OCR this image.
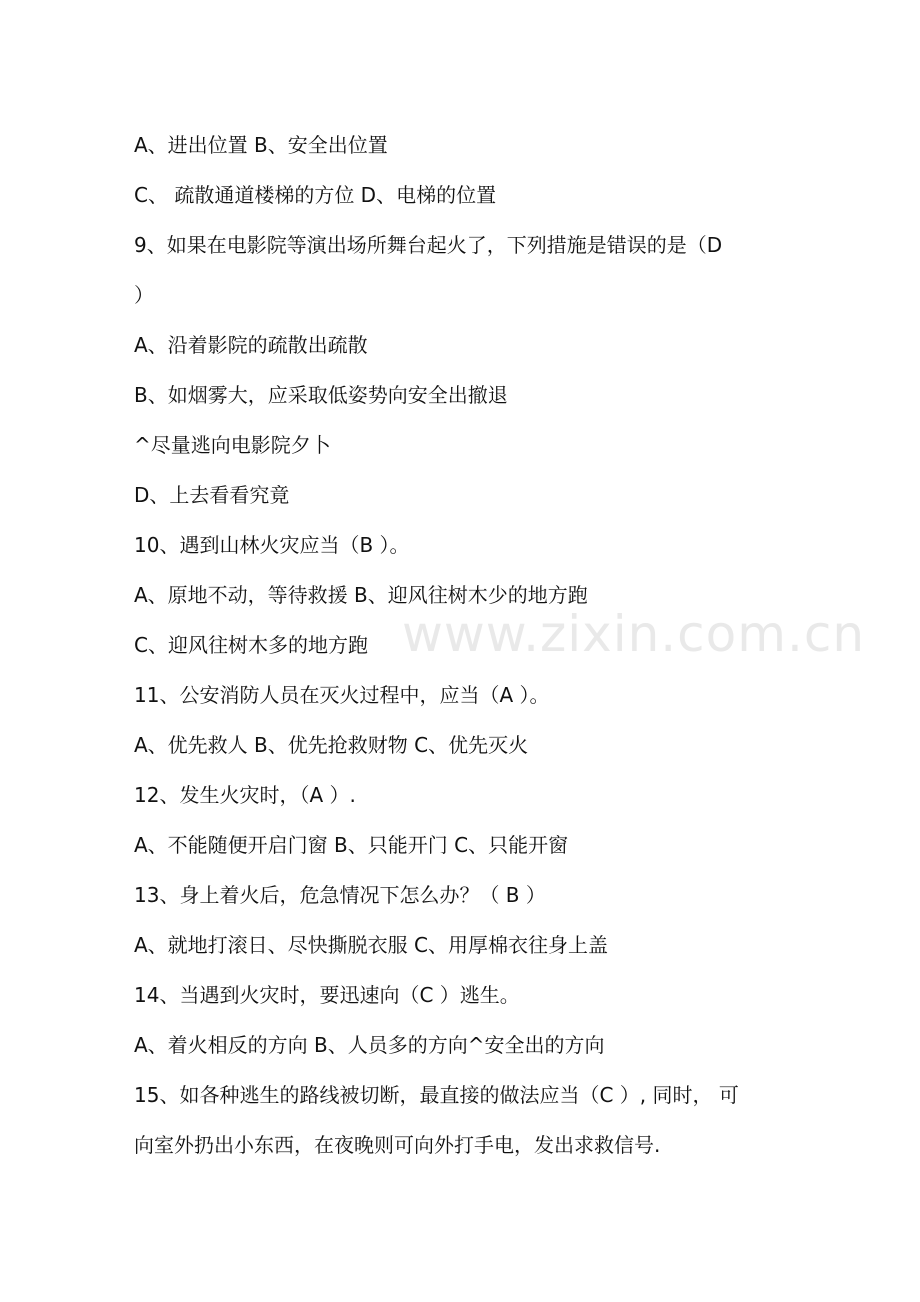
www.zixin.com.cn
A、进出位置 B、安全出位置
C、 疏散通道楼梯的方位 D、电梯的位置
9、如果在电影院等演出场所舞台起火了，下列措施是错误的是（D
）
A、沿着影院的疏散出疏散
B、如烟雾大，应采取低姿势向安全出撤退
^尽量逃向电影院夕卜
D、上去看看究竟
10、遇到山林火灾应当（B ）。
A、原地不动，等待救援 B、迎风往树木少的地方跑
C、迎风往树木多的地方跑
11、公安消防人员在灭火过程中，应当（A ）。
A、优先救人 B、优先抢救财物 C、优先灭火
12、发生火灾时，（A ）.
A、不能随便开启门窗 B、只能开门 C、只能开窗
13、身上着火后，危急情况下怎么办？（ B ）
A、就地打滚日、尽快撕脱衣服 C、用厚棉衣往身上盖
14、当遇到火灾时，要迅速向（C ）逃生。
A、着火相反的方向 B、人员多的方向^安全出的方向
15、如各种逃生的路线被切断，最直接的做法应当（C ）, 同时， 可
向室外扔出小东西，在夜晚则可向外打手电，发出求救信号.
